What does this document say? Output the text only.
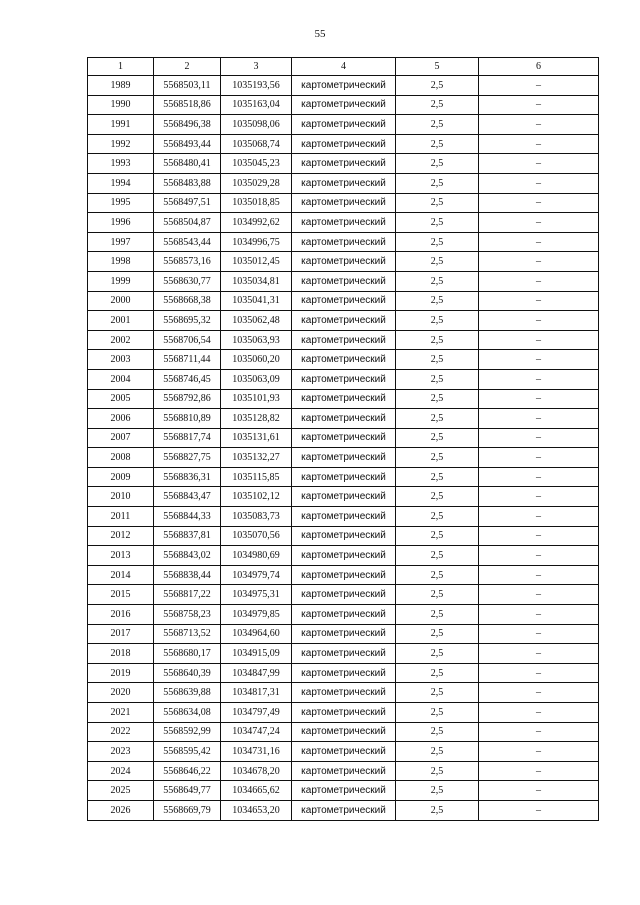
55
1	2	3	4	5	6
1989	5568503,11	1035193,56	картометрический	2,5	–
1990	5568518,86	1035163,04	картометрический	2,5	–
1991	5568496,38	1035098,06	картометрический	2,5	–
1992	5568493,44	1035068,74	картометрический	2,5	–
1993	5568480,41	1035045,23	картометрический	2,5	–
1994	5568483,88	1035029,28	картометрический	2,5	–
1995	5568497,51	1035018,85	картометрический	2,5	–
1996	5568504,87	1034992,62	картометрический	2,5	–
1997	5568543,44	1034996,75	картометрический	2,5	–
1998	5568573,16	1035012,45	картометрический	2,5	–
1999	5568630,77	1035034,81	картометрический	2,5	–
2000	5568668,38	1035041,31	картометрический	2,5	–
2001	5568695,32	1035062,48	картометрический	2,5	–
2002	5568706,54	1035063,93	картометрический	2,5	–
2003	5568711,44	1035060,20	картометрический	2,5	–
2004	5568746,45	1035063,09	картометрический	2,5	–
2005	5568792,86	1035101,93	картометрический	2,5	–
2006	5568810,89	1035128,82	картометрический	2,5	–
2007	5568817,74	1035131,61	картометрический	2,5	–
2008	5568827,75	1035132,27	картометрический	2,5	–
2009	5568836,31	1035115,85	картометрический	2,5	–
2010	5568843,47	1035102,12	картометрический	2,5	–
2011	5568844,33	1035083,73	картометрический	2,5	–
2012	5568837,81	1035070,56	картометрический	2,5	–
2013	5568843,02	1034980,69	картометрический	2,5	–
2014	5568838,44	1034979,74	картометрический	2,5	–
2015	5568817,22	1034975,31	картометрический	2,5	–
2016	5568758,23	1034979,85	картометрический	2,5	–
2017	5568713,52	1034964,60	картометрический	2,5	–
2018	5568680,17	1034915,09	картометрический	2,5	–
2019	5568640,39	1034847,99	картометрический	2,5	–
2020	5568639,88	1034817,31	картометрический	2,5	–
2021	5568634,08	1034797,49	картометрический	2,5	–
2022	5568592,99	1034747,24	картометрический	2,5	–
2023	5568595,42	1034731,16	картометрический	2,5	–
2024	5568646,22	1034678,20	картометрический	2,5	–
2025	5568649,77	1034665,62	картометрический	2,5	–
2026	5568669,79	1034653,20	картометрический	2,5	–
